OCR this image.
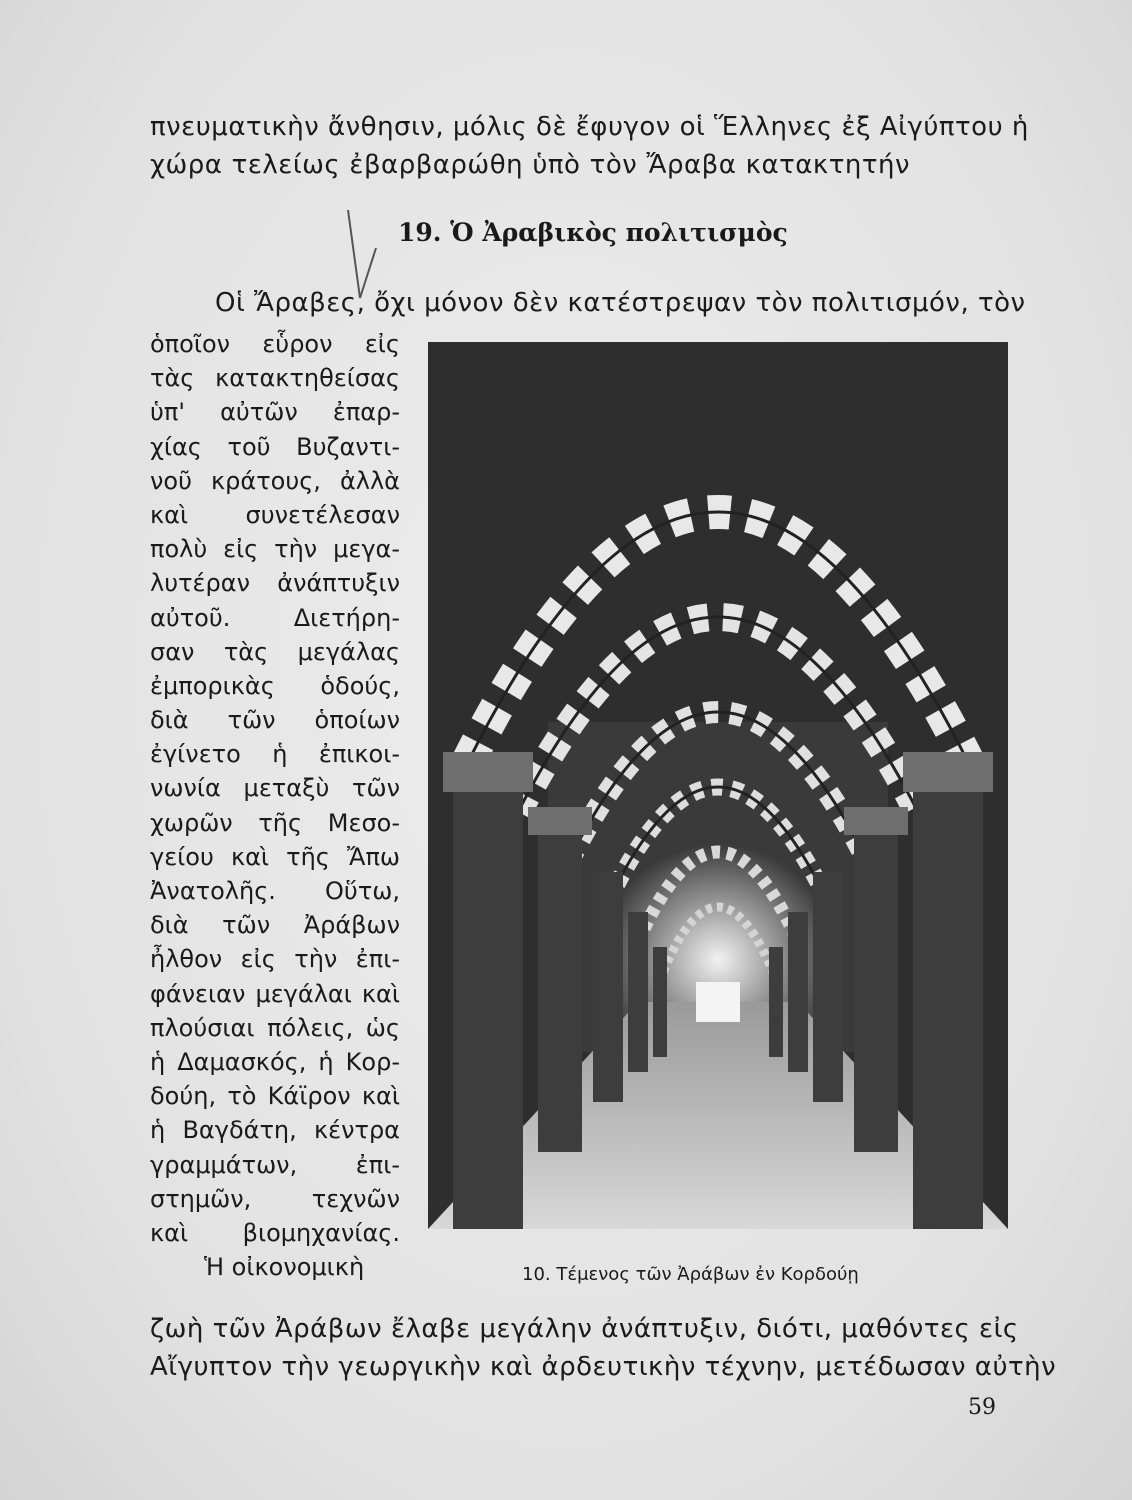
πνευματικὴν ἄνθησιν, μόλις δὲ ἔφυγον οἱ Ἕλληνες ἐξ Αἰγύπτου ἡ
χώρα τελείως ἐβαρβαρώθη ὑπὸ τὸν Ἄραβα κατακτητήν
19. Ὁ Ἀραβικὸς πολιτισμὸς
Οἱ Ἄραβες, ὄχι μόνον δὲν κατέστρεψαν τὸν πολιτισμόν, τὸν
ὁποῖον εὗρον εἰς
τὰς κατακτηθείσας
ὑπ' αὐτῶν ἐπαρ-
χίας τοῦ Βυζαντι-
νοῦ κράτους, ἀλλὰ
καὶ συνετέλεσαν
πολὺ εἰς τὴν μεγα-
λυτέραν ἀνάπτυξιν
αὐτοῦ. Διετήρη-
σαν τὰς μεγάλας
ἐμπορικὰς ὁδούς,
διὰ τῶν ὁποίων
ἐγίνετο ἡ ἐπικοι-
νωνία μεταξὺ τῶν
χωρῶν τῆς Μεσο-
γείου καὶ τῆς Ἄπω
Ἀνατολῆς. Οὕτω,
διὰ τῶν Ἀράβων
ἦλθον εἰς τὴν ἐπι-
φάνειαν μεγάλαι καὶ
πλούσιαι πόλεις, ὡς
ἡ Δαμασκός, ἡ Κορ-
δούη, τὸ Κάϊρον καὶ
ἡ Βαγδάτη, κέντρα
γραμμάτων, ἐπι-
στημῶν, τεχνῶν
καὶ βιομηχανίας.
Ἡ οἰκονομικὴ	10. Τέμενος τῶν Ἀράβων ἐν Κορδούῃ
ζωὴ τῶν Ἀράβων ἔλαβε μεγάλην ἀνάπτυξιν, διότι, μαθόντες εἰς
Αἴγυπτον τὴν γεωργικὴν καὶ ἀρδευτικὴν τέχνην, μετέδωσαν αὐτὴν
59
